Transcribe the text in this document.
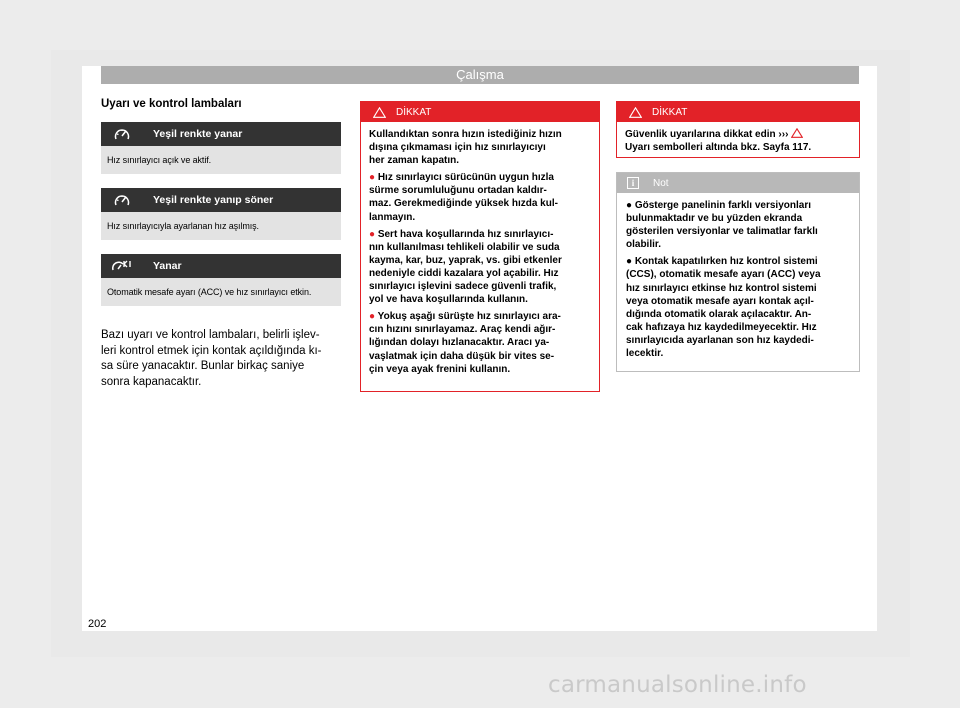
Çalışma
Uyarı ve kontrol lambaları
Yeşil renkte yanar
Hız sınırlayıcı açık ve aktif.
Yeşil renkte yanıp söner
Hız sınırlayıcıyla ayarlanan hız aşılmış.
Yanar
Otomatik mesafe ayarı (ACC) ve hız sınırlayıcı etkin.
Bazı uyarı ve kontrol lambaları, belirli işlev-
leri kontrol etmek için kontak açıldığında kı-
sa süre yanacaktır. Bunlar birkaç saniye
sonra kapanacaktır.
DİKKAT

Kullandıktan sonra hızın istediğiniz hızın
dışına çıkmaması için hız sınırlayıcıyı
her zaman kapatın.

● Hız sınırlayıcı sürücünün uygun hızla
sürme sorumluluğunu ortadan kaldır-
maz. Gerekmediğinde yüksek hızda kul-
lanmayın.

● Sert hava koşullarında hız sınırlayıcı-
nın kullanılması tehlikeli olabilir ve suda
kayma, kar, buz, yaprak, vs. gibi etkenler
nedeniyle ciddi kazalara yol açabilir. Hız
sınırlayıcı işlevini sadece güvenli trafik,
yol ve hava koşullarında kullanın.

● Yokuş aşağı sürüşte hız sınırlayıcı ara-
cın hızını sınırlayamaz. Araç kendi ağır-
lığından dolayı hızlanacaktır. Aracı ya-
vaşlatmak için daha düşük bir vites se-
çin veya ayak frenini kullanın.

DİKKAT
Güvenlik uyarılarına dikkat edin ›››
Uyarı sembolleri altında bkz. Sayfa 117.
i	Not

● Gösterge panelinin farklı versiyonları
bulunmaktadır ve bu yüzden ekranda
gösterilen versiyonlar ve talimatlar farklı
olabilir.

● Kontak kapatılırken hız kontrol sistemi
(CCS), otomatik mesafe ayarı (ACC) veya
hız sınırlayıcı etkinse hız kontrol sistemi
veya otomatik mesafe ayarı kontak açıl-
dığında otomatik olarak açılacaktır. An-
cak hafızaya hız kaydedilmeyecektir. Hız
sınırlayıcıda ayarlanan son hız kaydedi-
lecektir.

202
carmanualsonline.info
